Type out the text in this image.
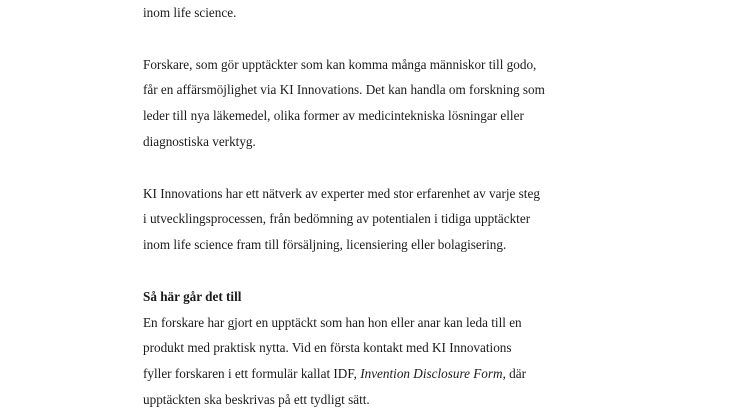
inom life science.
Forskare, som gör upptäckter som kan komma många människor till godo,
får en affärsmöjlighet via KI Innovations. Det kan handla om forskning som
leder till nya läkemedel, olika former av medicintekniska lösningar eller
diagnostiska verktyg.
KI Innovations har ett nätverk av experter med stor erfarenhet av varje steg
i utvecklingsprocessen, från bedömning av potentialen i tidiga upptäckter
inom life science fram till försäljning, licensiering eller bolagisering.
Så här går det till
En forskare har gjort en upptäckt som han hon eller anar kan leda till en
produkt med praktisk nytta. Vid en första kontakt med KI Innovations
fyller forskaren i ett formulär kallat IDF, Invention Disclosure Form, där
upptäckten ska beskrivas på ett tydligt sätt.
